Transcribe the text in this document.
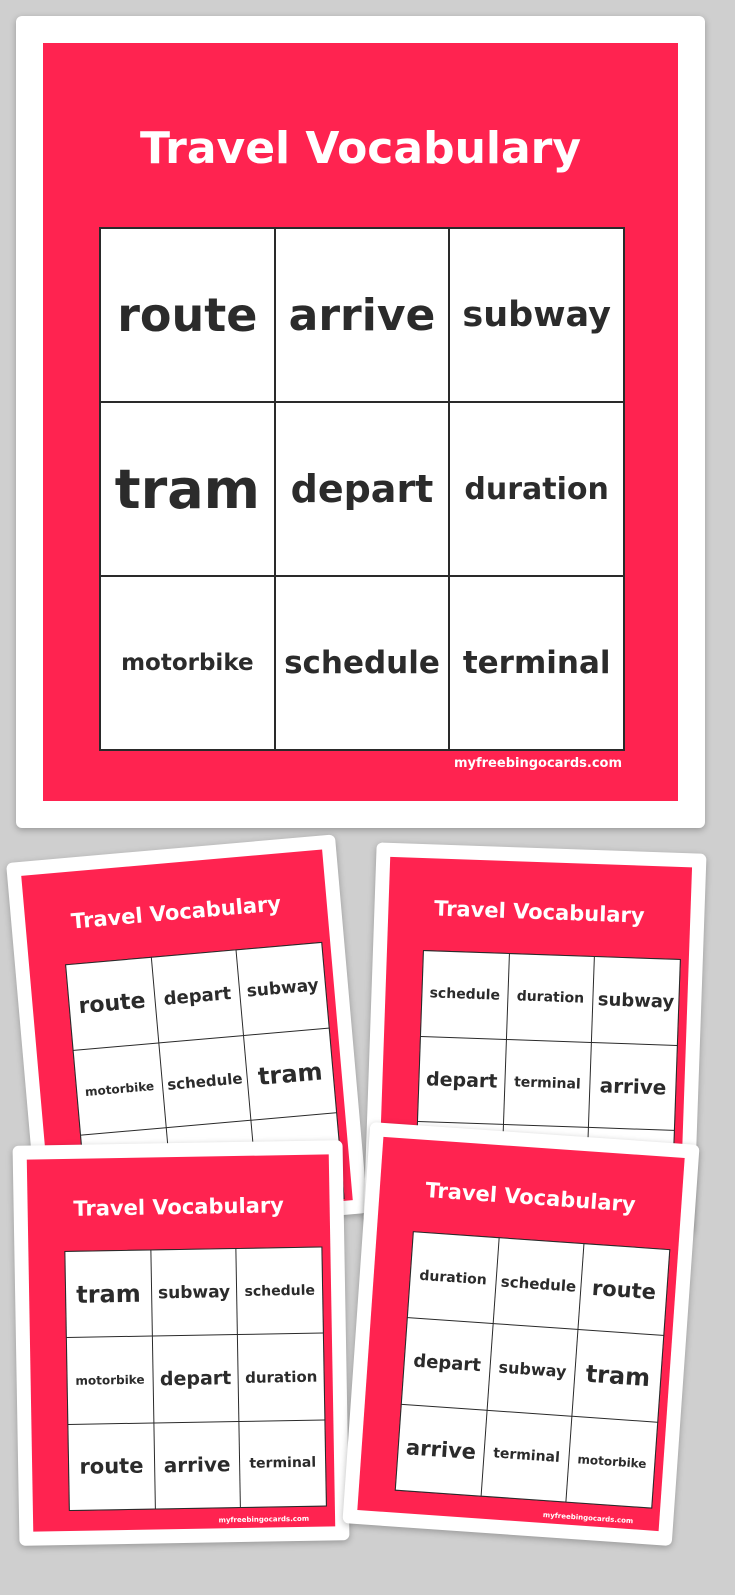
Travel Vocabulary
route arrive subway
tram depart	duration
motorbike schedule terminal
myfreebingocards.com
Travel Vocabulary
route depart subway
motorbike schedule tram
Travel Vocabulary
schedule	duration subway
depart	terminal arrive
Travel Vocabulary
tram subway	schedule
motorbike depart duration
route arrive	terminal
myfreebingocards.com
Travel Vocabulary
duration schedule route
depart	subway tram
arrive	terminal	motorbike
myfreebingocards.com
